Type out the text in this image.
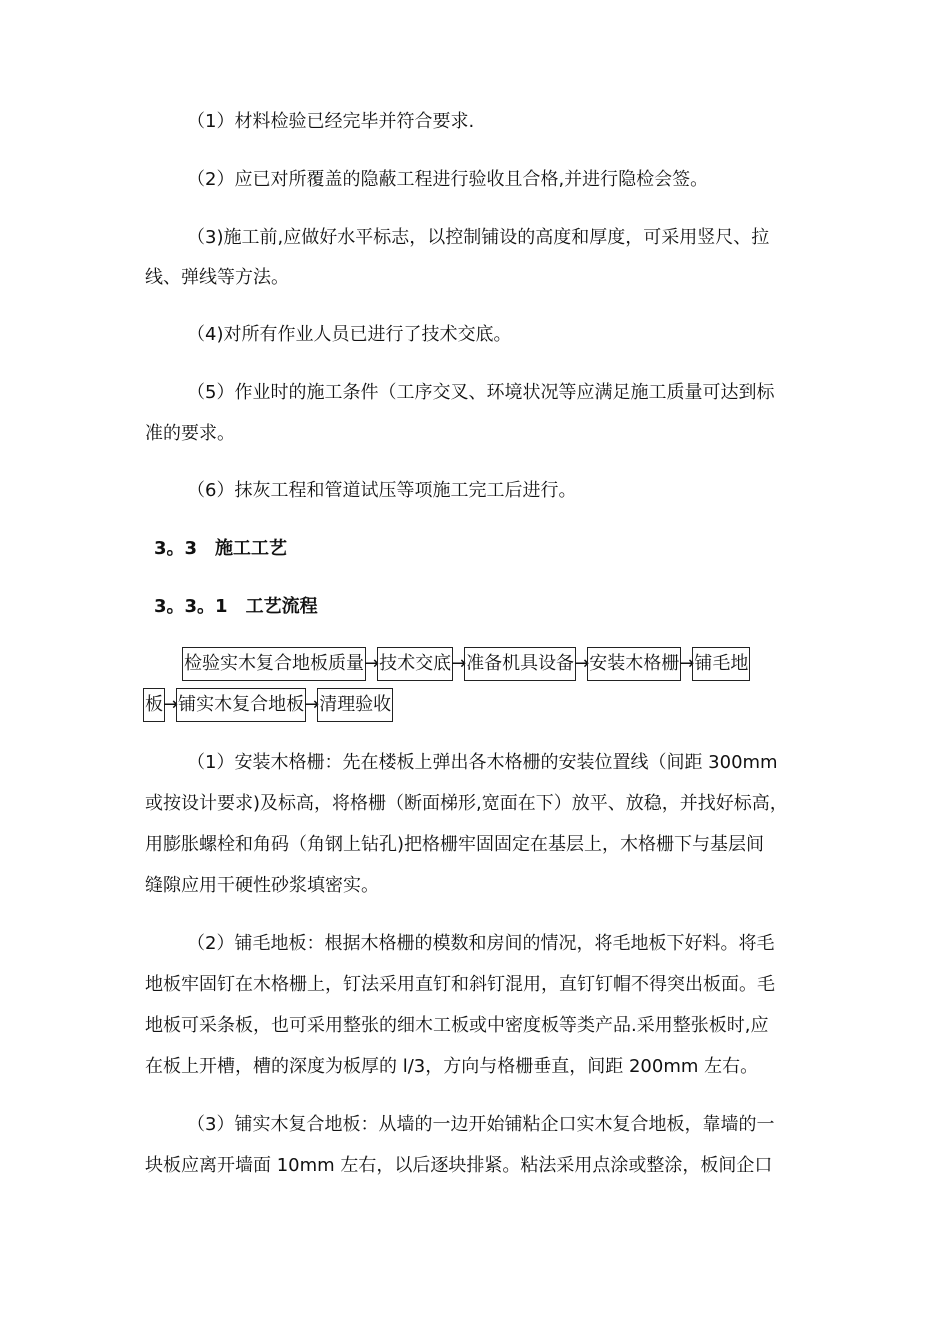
（1）材料检验已经完毕并符合要求.
（2）应已对所覆盖的隐蔽工程进行验收且合格,并进行隐检会签。
（3)施工前,应做好水平标志，以控制铺设的高度和厚度，可采用竖尺、拉
线、弹线等方法。
（4)对所有作业人员已进行了技术交底。
（5）作业时的施工条件（工序交叉、环境状况等应满足施工质量可达到标
准的要求。
（6）抹灰工程和管道试压等项施工完工后进行。
3。3　施工工艺
3。3。1　工艺流程
检验实木复合地板质量→技术交底→准备机具设备→安装木格栅→铺毛地
板→铺实木复合地板→清理验收
（1）安装木格栅：先在楼板上弹出各木格栅的安装位置线（间距 300mm
或按设计要求)及标高，将格栅（断面梯形,宽面在下）放平、放稳，并找好标高，
用膨胀螺栓和角码（角钢上钻孔)把格栅牢固固定在基层上，木格栅下与基层间
缝隙应用干硬性砂浆填密实。
（2）铺毛地板：根据木格栅的模数和房间的情况，将毛地板下好料。将毛
地板牢固钉在木格栅上，钉法采用直钉和斜钉混用，直钉钉帽不得突出板面。毛
地板可采条板，也可采用整张的细木工板或中密度板等类产品.采用整张板时,应
在板上开槽，槽的深度为板厚的 l/3，方向与格栅垂直，间距 200mm 左右。
（3）铺实木复合地板：从墙的一边开始铺粘企口实木复合地板，靠墙的一
块板应离开墙面 10mm 左右，以后逐块排紧。粘法采用点涂或整涂，板间企口
